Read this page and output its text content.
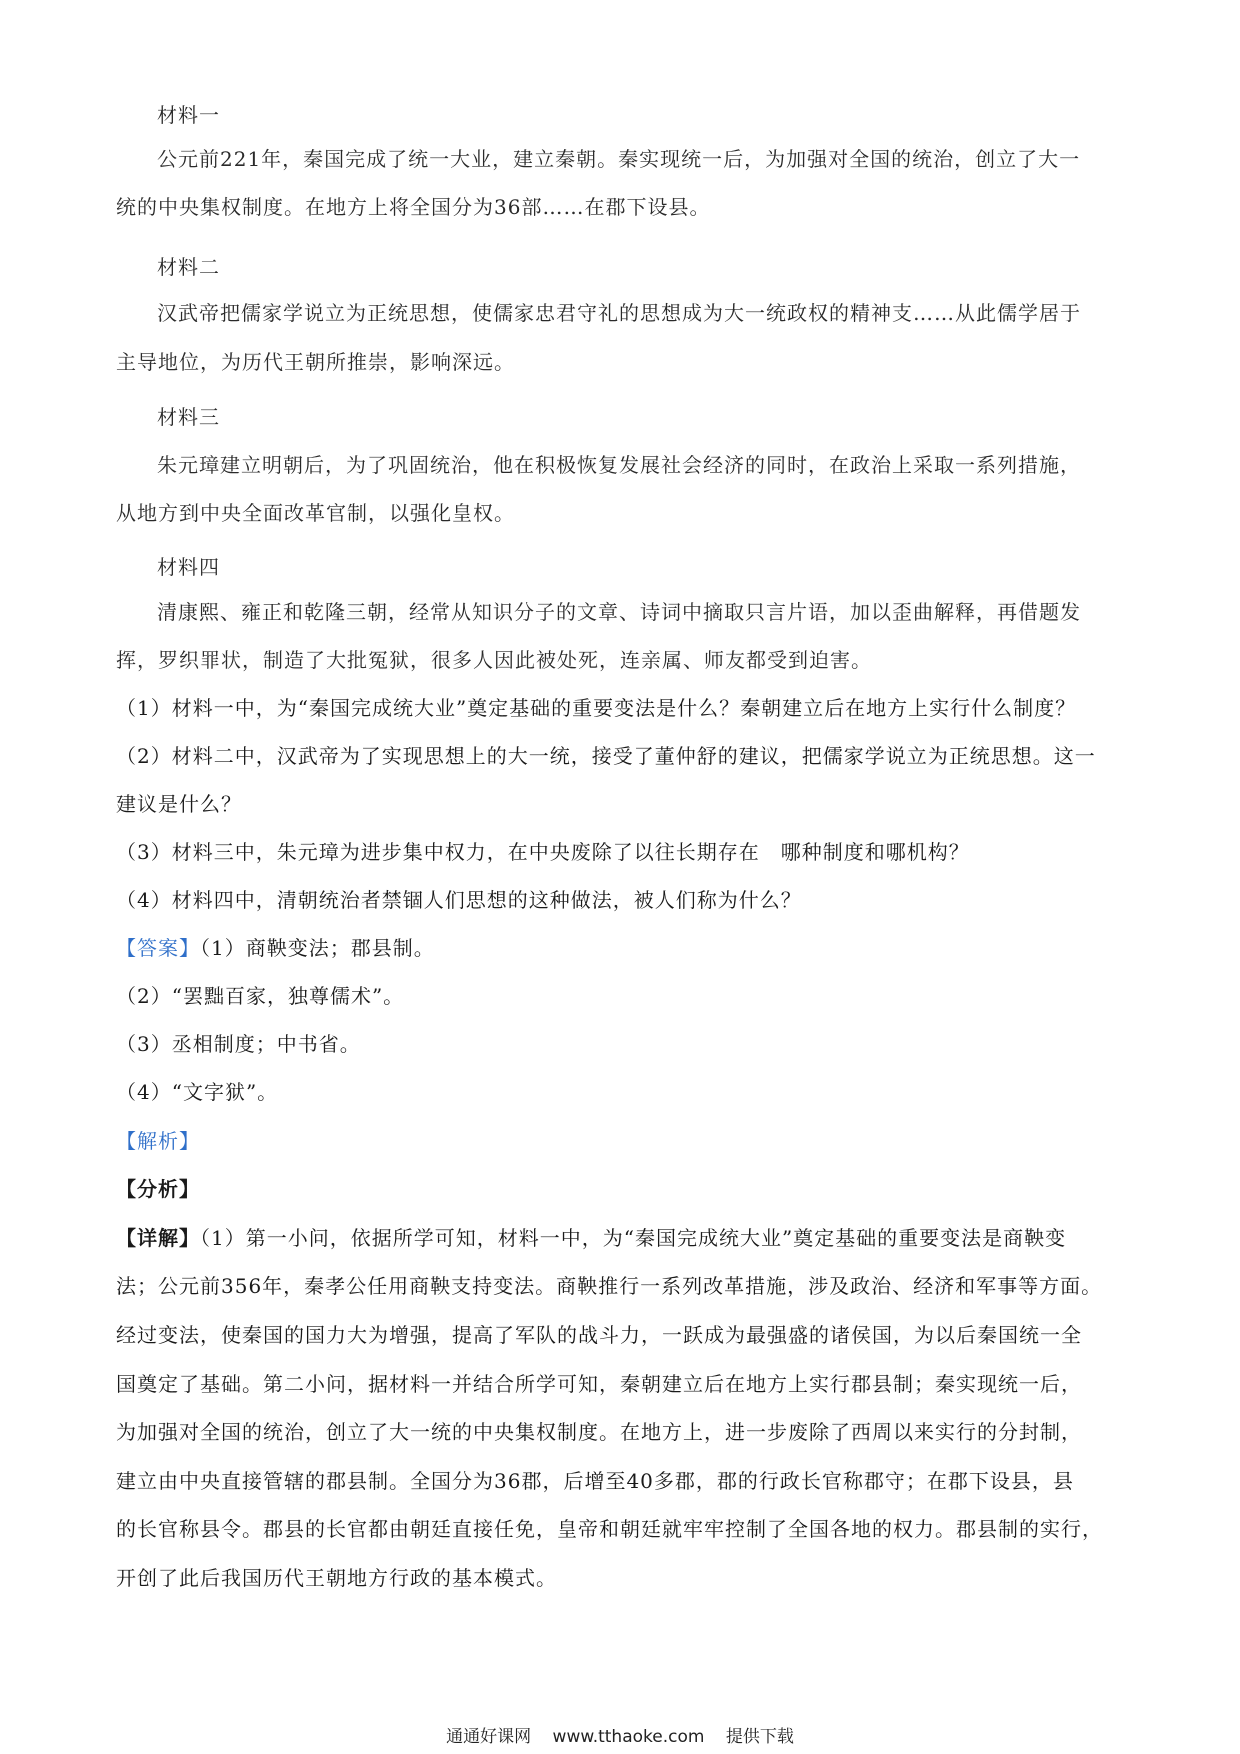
材料一
公元前221年，秦国完成了统一大业，建立秦朝。秦实现统一后，为加强对全国的统治，创立了大一
统的中央集权制度。在地方上将全国分为36部……在郡下设县。
材料二
汉武帝把儒家学说立为正统思想，使儒家忠君守礼的思想成为大一统政权的精神支……从此儒学居于
主导地位，为历代王朝所推崇，影响深远。
材料三
朱元璋建立明朝后，为了巩固统治，他在积极恢复发展社会经济的同时，在政治上采取一系列措施，
从地方到中央全面改革官制，以强化皇权。
材料四
清康熙、雍正和乾隆三朝，经常从知识分子的文章、诗词中摘取只言片语，加以歪曲解释，再借题发
挥，罗织罪状，制造了大批冤狱，很多人因此被处死，连亲属、师友都受到迫害。
（1）材料一中，为“秦国完成统大业”奠定基础的重要变法是什么？秦朝建立后在地方上实行什么制度？
（2）材料二中，汉武帝为了实现思想上的大一统，接受了董仲舒的建议，把儒家学说立为正统思想。这一
建议是什么？
（3）材料三中，朱元璋为进步集中权力，在中央废除了以往长期存在　哪种制度和哪机构？
（4）材料四中，清朝统治者禁锢人们思想的这种做法，被人们称为什么？
【答案】（1）商鞅变法；郡县制。
（2）“罢黜百家，独尊儒术”。
（3）丞相制度；中书省。
（4）“文字狱”。
【解析】
【分析】
【详解】（1）第一小问，依据所学可知，材料一中，为“秦国完成统大业”奠定基础的重要变法是商鞅变
法；公元前356年，秦孝公任用商鞅支持变法。商鞅推行一系列改革措施，涉及政治、经济和军事等方面。
经过变法，使秦国的国力大为增强，提高了军队的战斗力，一跃成为最强盛的诸侯国，为以后秦国统一全
国奠定了基础。第二小问，据材料一并结合所学可知，秦朝建立后在地方上实行郡县制；秦实现统一后，
为加强对全国的统治，创立了大一统的中央集权制度。在地方上，进一步废除了西周以来实行的分封制，
建立由中央直接管辖的郡县制。全国分为36郡，后增至40多郡，郡的行政长官称郡守；在郡下设县，县
的长官称县令。郡县的长官都由朝廷直接任免，皇帝和朝廷就牢牢控制了全国各地的权力。郡县制的实行，
开创了此后我国历代王朝地方行政的基本模式。
通通好课网 www.tthaoke.com 提供下载
